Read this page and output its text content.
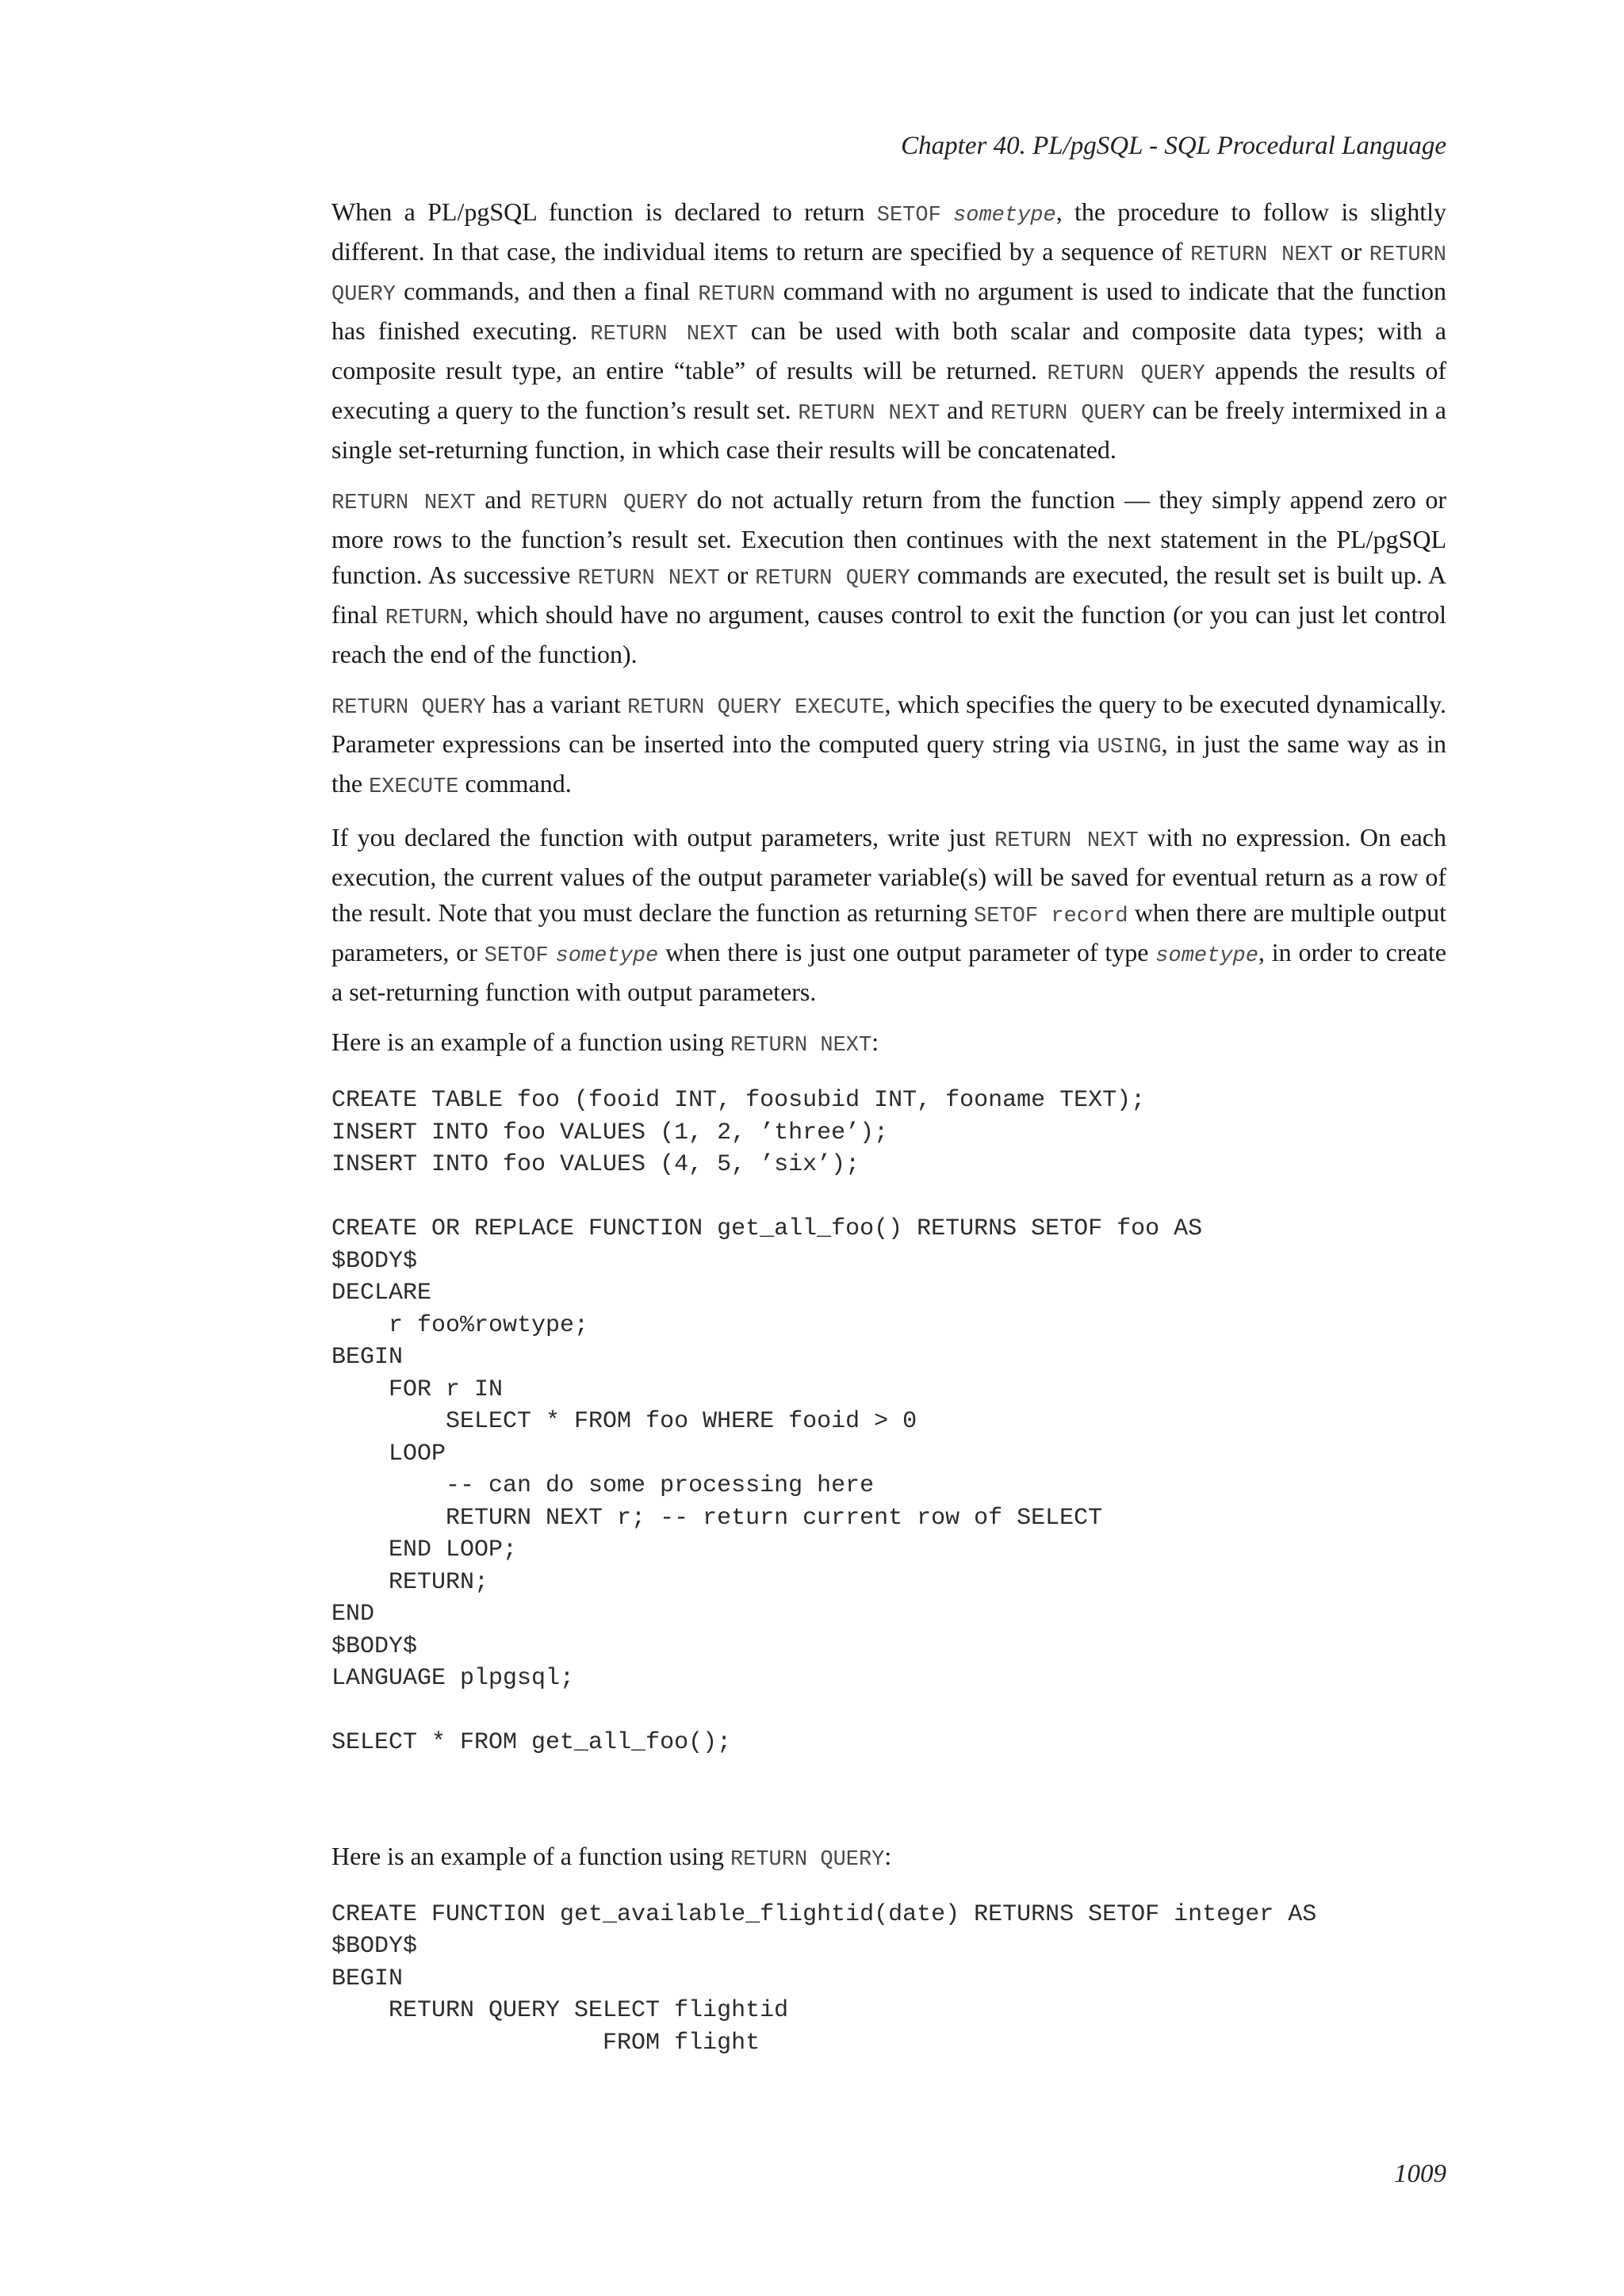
Chapter 40. PL/pgSQL - SQL Procedural Language

When a PL/pgSQL function is declared to return SETOF sometype, the procedure to follow is slightly different. In that case, the individual items to return are specified by a sequence of RETURN NEXT or RETURN QUERY commands, and then a final RETURN command with no argument is used to indicate that the function has finished executing. RETURN NEXT can be used with both scalar and composite data types; with a composite result type, an entire “table” of results will be returned. RETURN QUERY appends the results of executing a query to the function’s result set. RETURN NEXT and RETURN QUERY can be freely intermixed in a single set-returning function, in which case their results will be concatenated.

RETURN NEXT and RETURN QUERY do not actually return from the function — they simply append zero or more rows to the function’s result set. Execution then continues with the next statement in the PL/pgSQL function. As successive RETURN NEXT or RETURN QUERY commands are executed, the result set is built up. A final RETURN, which should have no argument, causes control to exit the function (or you can just let control reach the end of the function).

RETURN QUERY has a variant RETURN QUERY EXECUTE, which specifies the query to be executed dynamically. Parameter expressions can be inserted into the computed query string via USING, in just the same way as in the EXECUTE command.

If you declared the function with output parameters, write just RETURN NEXT with no expression. On each execution, the current values of the output parameter variable(s) will be saved for eventual return as a row of the result. Note that you must declare the function as returning SETOF record when there are multiple output parameters, or SETOF sometype when there is just one output parameter of type sometype, in order to create a set-returning function with output parameters.

Here is an example of a function using RETURN NEXT:

CREATE TABLE foo (fooid INT, foosubid INT, fooname TEXT);
INSERT INTO foo VALUES (1, 2, ’three’);
INSERT INTO foo VALUES (4, 5, ’six’);

CREATE OR REPLACE FUNCTION get_all_foo() RETURNS SETOF foo AS
$BODY$
DECLARE
r foo%rowtype;
BEGIN
FOR r IN
SELECT * FROM foo WHERE fooid > 0
LOOP
-- can do some processing here
RETURN NEXT r; -- return current row of SELECT
END LOOP;
RETURN;
END
$BODY$
LANGUAGE plpgsql;

SELECT * FROM get_all_foo();

Here is an example of a function using RETURN QUERY:

CREATE FUNCTION get_available_flightid(date) RETURNS SETOF integer AS
$BODY$
BEGIN
RETURN QUERY SELECT flightid
FROM flight
1009
